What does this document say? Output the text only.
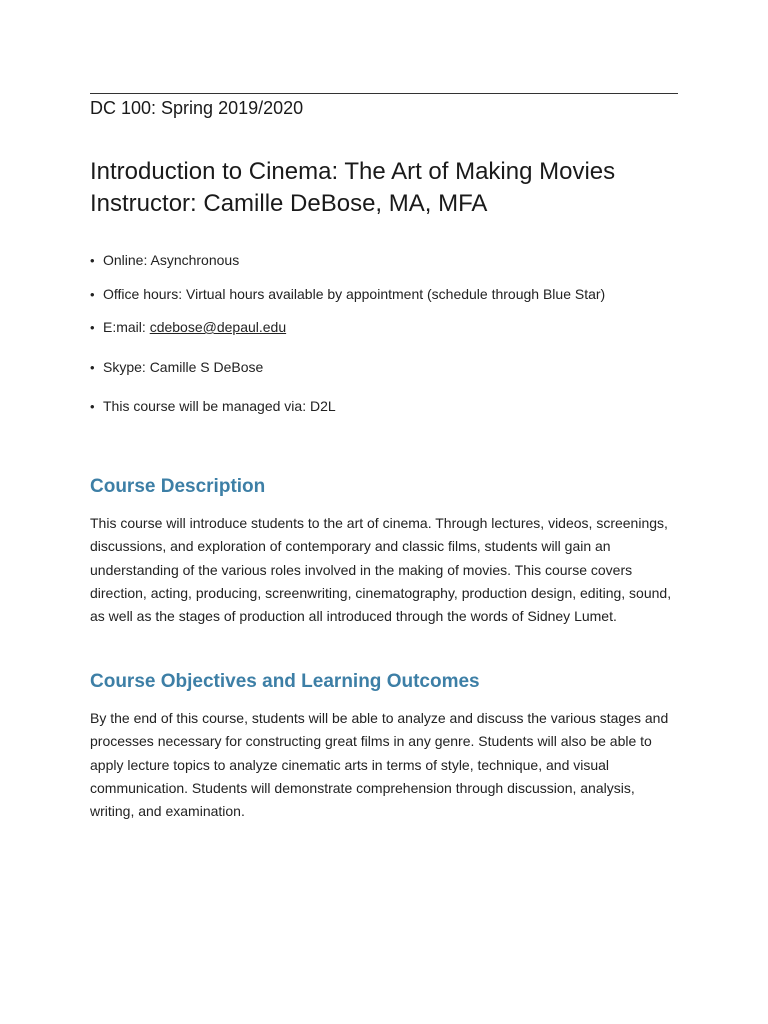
DC 100: Spring 2019/2020
Introduction to Cinema: The Art of Making Movies
Instructor: Camille DeBose, MA, MFA
• Online: Asynchronous
• Office hours: Virtual hours available by appointment (schedule through Blue Star)
• E:mail: cdebose@depaul.edu
• Skype: Camille S DeBose
• This course will be managed via: D2L
Course Description
This course will introduce students to the art of cinema. Through lectures, videos, screenings, discussions, and exploration of contemporary and classic films, students will gain an understanding of the various roles involved in the making of movies. This course covers direction, acting, producing, screenwriting, cinematography, production design, editing, sound, as well as the stages of production all introduced through the words of Sidney Lumet.
Course Objectives and Learning Outcomes
By the end of this course, students will be able to analyze and discuss the various stages and processes necessary for constructing great films in any genre. Students will also be able to apply lecture topics to analyze cinematic arts in terms of style, technique, and visual communication. Students will demonstrate comprehension through discussion, analysis, writing, and examination.
